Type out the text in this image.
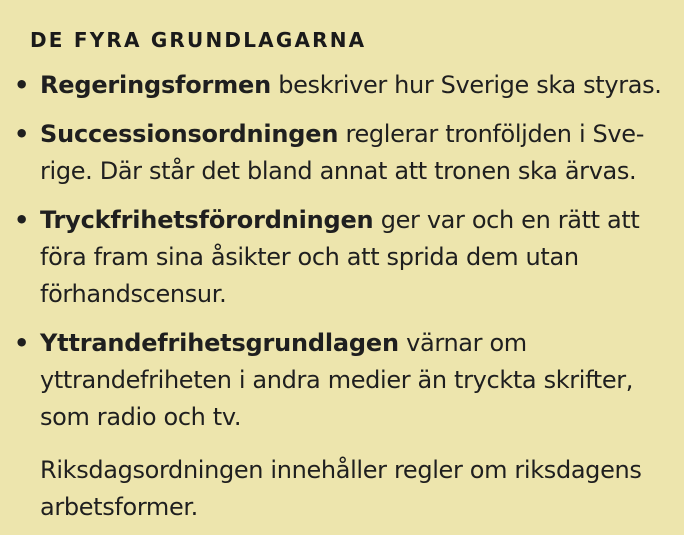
DE FYRA GRUNDLAGARNA
• Regeringsformen beskriver hur Sverige ska styras.
• Successionsordningen reglerar tronföljden i Sve-rige. Där står det bland annat att tronen ska ärvas.
• Tryckfrihetsförordningen ger var och en rätt att föra fram sina åsikter och att sprida dem utan förhandscensur.
• Yttrandefrihetsgrundlagen värnar om yttrandefriheten i andra medier än tryckta skrifter, som radio och tv.

Riksdagsordningen innehåller regler om riksdagens arbetsformer.
